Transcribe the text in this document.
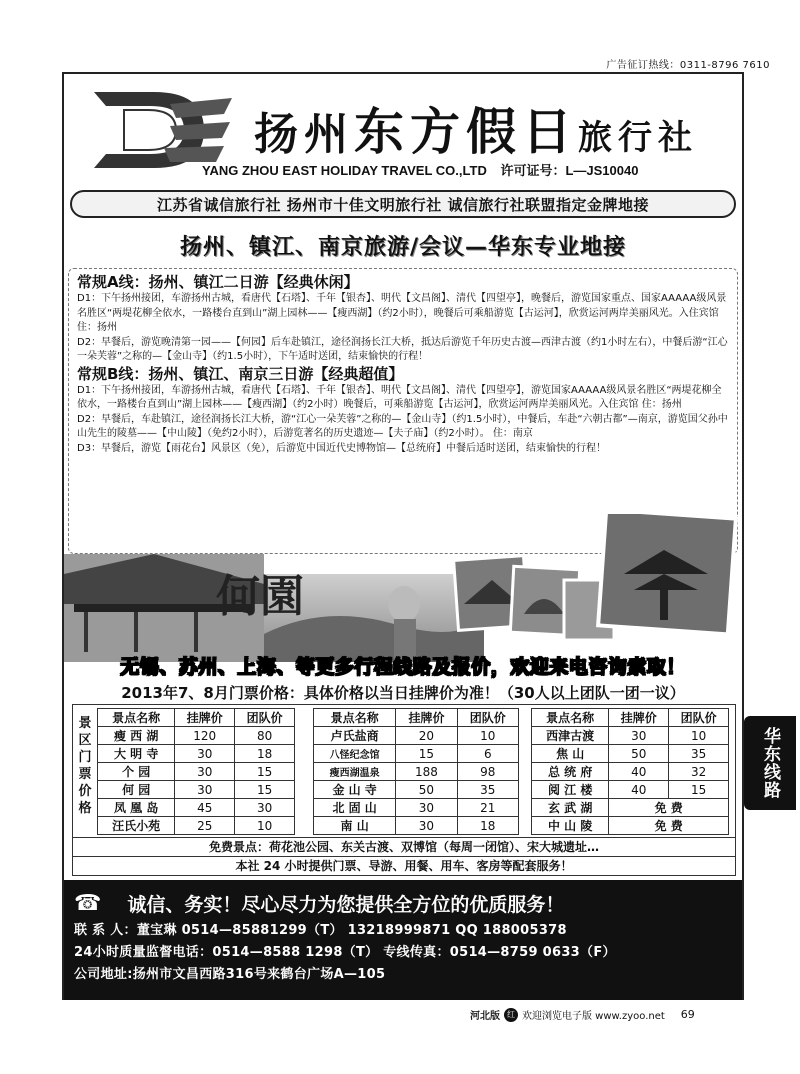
广告征订热线：0311-8796 7610
扬州东方假日旅行社
YANG ZHOU EAST HOLIDAY TRAVEL CO.,LTD 许可证号：L—JS10040
江苏省诚信旅行社 扬州市十佳文明旅行社 诚信旅行社联盟指定金牌地接
扬州、镇江、南京旅游/会议—华东专业地接
常规A线：扬州、镇江二日游【经典休闲】
D1：下午扬州接团，车游扬州古城，看唐代【石塔】、千年【银杏】、明代【文昌阁】、清代【四望亭】，晚餐后，游览国家重点、国家AAAAA级风景名胜区“两堤花柳全依水，一路楼台直到山”湖上园林——【瘦西湖】（约2小时），晚餐后可乘船游览【古运河】，欣赏运河两岸美丽风光。入住宾馆 住：扬州
D2：早餐后，游览晚清第一园——【何园】后车赴镇江，途径润扬长江大桥，抵达后游览千年历史古渡—西津古渡（约1小时左右），中餐后游“江心一朵芙蓉”之称的—【金山寺】（约1.5小时），下午适时送团，结束愉快的行程！
常规B线：扬州、镇江、南京三日游【经典超值】
D1：下午扬州接团，车游扬州古城，看唐代【石塔】、千年【银杏】、明代【文昌阁】、清代【四望亭】，游览国家AAAAA级风景名胜区“两堤花柳全依水，一路楼台直到山”湖上园林——【瘦西湖】（约2小时）晚餐后，可乘船游览【古运河】，欣赏运河两岸美丽风光。入住宾馆 住：扬州
D2：早餐后，车赴镇江，途径润扬长江大桥，游“江心一朵芙蓉”之称的—【金山寺】（约1.5小时），中餐后，车赴“六朝古都”—南京，游览国父孙中山先生的陵墓——【中山陵】（免约2小时），后游览著名的历史遗迹—【夫子庙】（约2小时）。 住：南京
D3：早餐后，游览【雨花台】风景区（免），后游览中国近代史博物馆—【总统府】中餐后适时送团，结束愉快的行程！
何園
无锡、苏州、上海、等更多行程线路及报价，欢迎来电咨询索取！
2013年7、8月门票价格：具体价格以当日挂牌价为准！（30人以上团队一团一议）
景区门票价格
景点名称	挂牌价	团队价
瘦 西 湖	120	80
大 明 寺	30	18
个 园	30	15
何 园	30	15
凤 凰 岛	45	30
汪氏小苑	25	10
景点名称	挂牌价	团队价
卢氏盐商	20	10
八怪纪念馆	15	6
瘦西湖温泉	188	98
金 山 寺	50	35
北 固 山	30	21
南 山	30	18
景点名称	挂牌价	团队价
西津古渡	30	10
焦 山	50	35
总 统 府	40	32
阅 江 楼	40	15
玄 武 湖	免 费	
中 山 陵	免 费	
免费景点：荷花池公园、东关古渡、双博馆（每周一闭馆）、宋大城遗址…
本社 24 小时提供门票、导游、用餐、用车、客房等配套服务！
☎ 诚信、务实！尽心尽力为您提供全方位的优质服务！
联 系 人：董宝琳 0514—85881299（T） 13218999871 QQ 188005378
24小时质量监督电话：0514—8588 1298（T） 专线传真：0514—8759 0633（F）
公司地址:扬州市文昌西路316号来鹤台广场A—105
河北版 红 欢迎浏览电子版 www.zyoo.net 69
华东线路
